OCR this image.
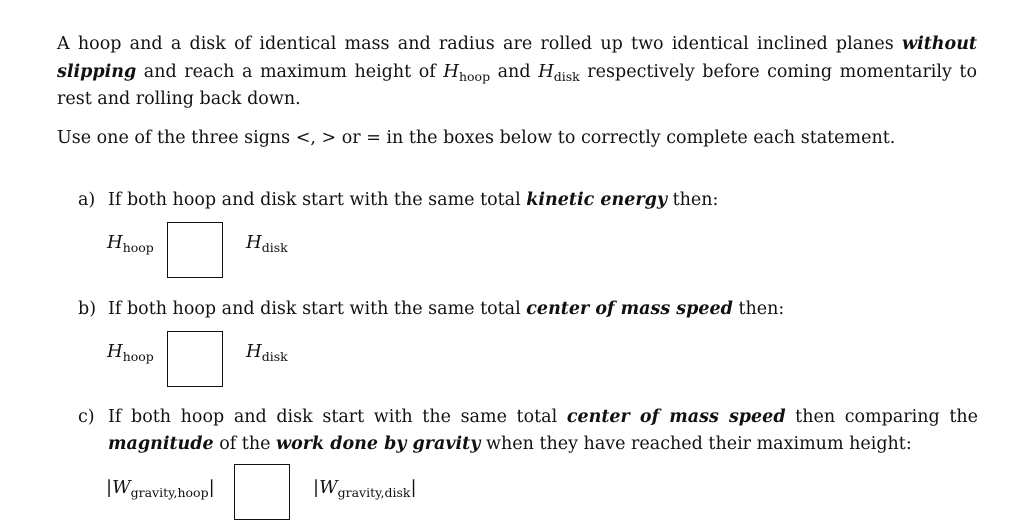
A hoop and a disk of identical mass and radius are rolled up two identical inclined planes without slipping and reach a maximum height of $H_{hoop}$ and $H_{disk}$ respectively before coming momentarily to rest and rolling back down.

Use one of the three signs <, > or = in the boxes below to correctly complete each statement.

a) If both hoop and disk start with the same total kinetic energy then:
$H_{hoop}$	$H_{disk}$
b) If both hoop and disk start with the same total center of mass speed then:
$H_{hoop}$	$H_{disk}$
c) If both hoop and disk start with the same total center of mass speed then comparing the magnitude of the work done by gravity when they have reached their maximum height:
$|W_{gravity,hoop}|$	$|W_{gravity,disk}|$
